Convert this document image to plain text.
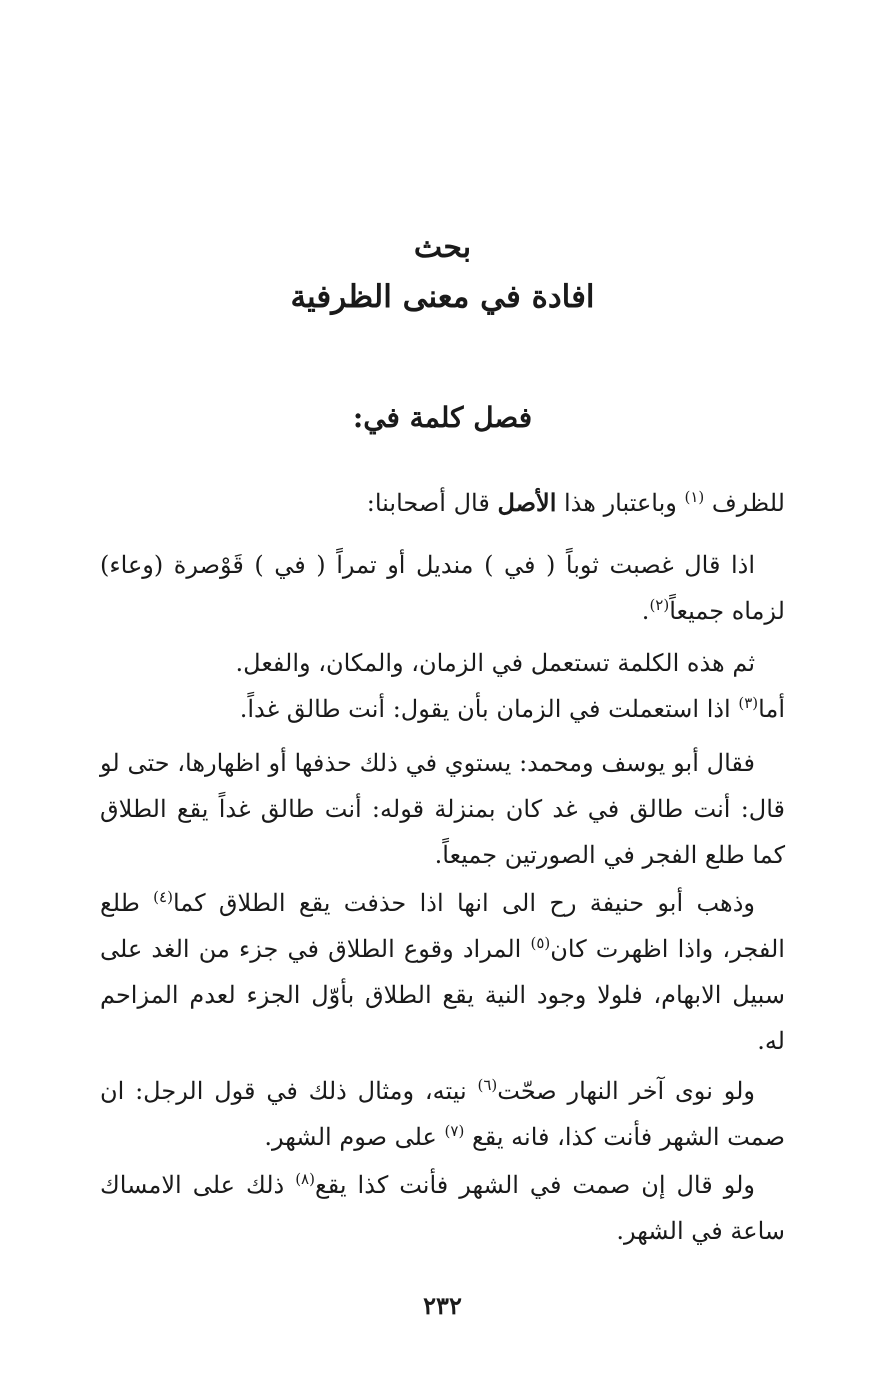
بحث
افادة في معنى الظرفية
فصل كلمة في:

للظرف $^{(١)}$ وباعتبار هذا الأصل قال أصحابنا:

اذا قال غصبت ثوباً ( في ) منديل أو تمراً ( في ) قَوْصرة (وعاء) لزماه جميعاً$^{(٢)}$.

ثم هذه الكلمة تستعمل في الزمان، والمكان، والفعل.

أما$^{(٣)}$ اذا استعملت في الزمان بأن يقول: أنت طالق غداً.

فقال أبو يوسف ومحمد: يستوي في ذلك حذفها أو اظهارها، حتى لو قال: أنت طالق في غد كان بمنزلة قوله: أنت طالق غداً يقع الطلاق كما طلع الفجر في الصورتين جميعاً.

وذهب أبو حنيفة رح الى انها اذا حذفت يقع الطلاق كما$^{(٤)}$ طلع الفجر، واذا اظهرت كان$^{(٥)}$ المراد وقوع الطلاق في جزء من الغد على سبيل الابهام، فلولا وجود النية يقع الطلاق بأوّل الجزء لعدم المزاحم له.

ولو نوى آخر النهار صحّت$^{(٦)}$ نيته، ومثال ذلك في قول الرجل: ان صمت الشهر فأنت كذا، فانه يقع $^{(٧)}$ على صوم الشهر.

ولو قال إن صمت في الشهر فأنت كذا يقع$^{(٨)}$ ذلك على الامساك ساعة في الشهر.

٢٣٢
